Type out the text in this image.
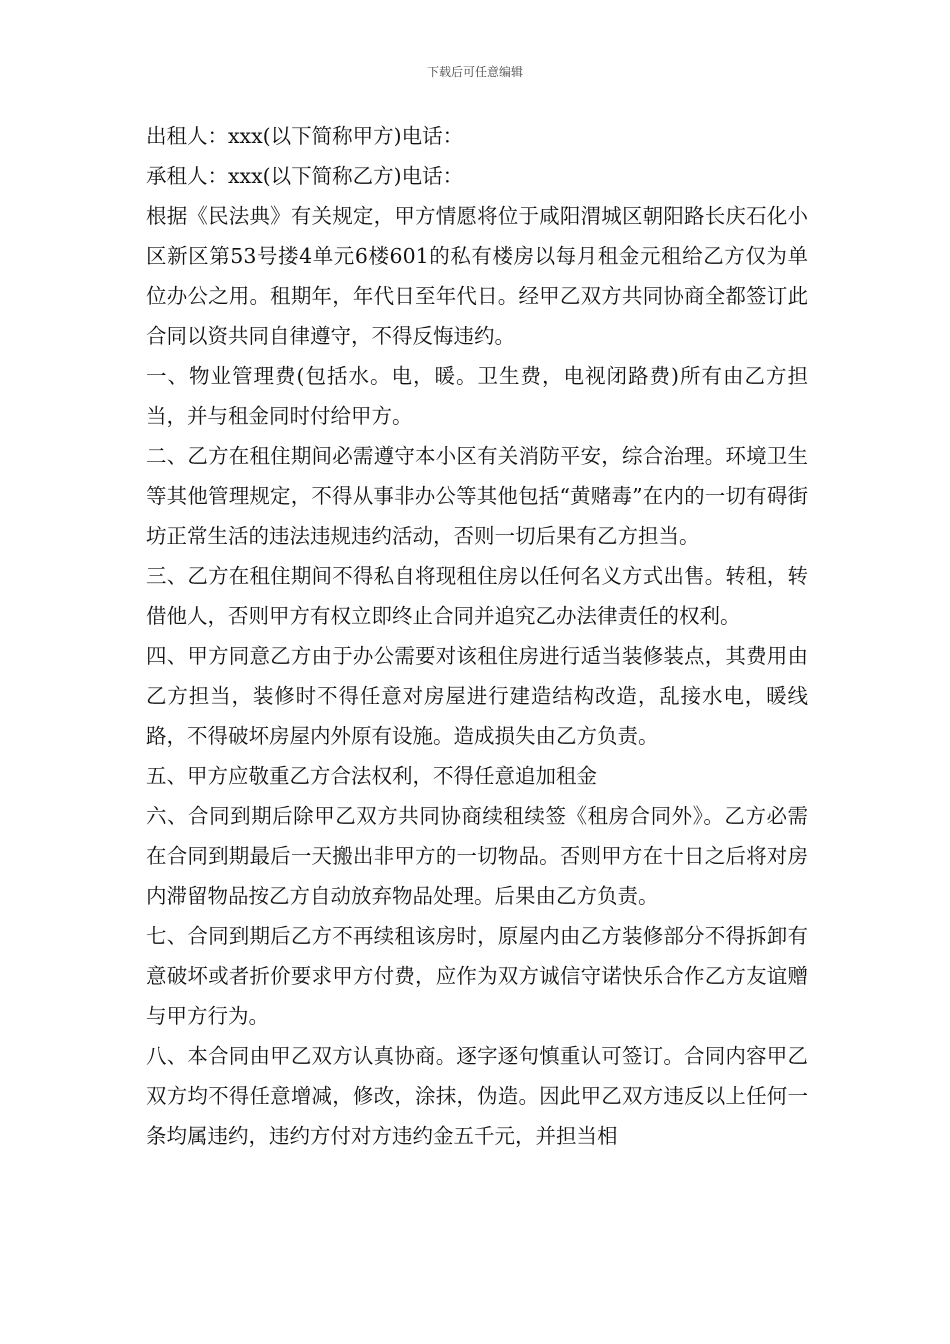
下载后可任意编辑

出租人：xxx(以下简称甲方)电话：

承租人：xxx(以下简称乙方)电话：

根据《民法典》有关规定，甲方情愿将位于咸阳渭城区朝阳路长庆石化小区新区第53号搂4单元6楼601的私有楼房以每月租金元租给乙方仅为单位办公之用。租期年，年代日至年代日。经甲乙双方共同协商全都签订此合同以资共同自律遵守，不得反悔违约。

一、物业管理费(包括水。电，暖。卫生费，电视闭路费)所有由乙方担当，并与租金同时付给甲方。

二、乙方在租住期间必需遵守本小区有关消防平安，综合治理。环境卫生等其他管理规定，不得从事非办公等其他包括“黄赌毒”在内的一切有碍街坊正常生活的违法违规违约活动，否则一切后果有乙方担当。

三、乙方在租住期间不得私自将现租住房以任何名义方式出售。转租，转借他人，否则甲方有权立即终止合同并追究乙办法律责任的权利。

四、甲方同意乙方由于办公需要对该租住房进行适当装修装点，其费用由乙方担当，装修时不得任意对房屋进行建造结构改造，乱接水电，暖线路，不得破坏房屋内外原有设施。造成损失由乙方负责。

五、甲方应敬重乙方合法权利，不得任意追加租金

六、合同到期后除甲乙双方共同协商续租续签《租房合同外》。乙方必需在合同到期最后一天搬出非甲方的一切物品。否则甲方在十日之后将对房内滞留物品按乙方自动放弃物品处理。后果由乙方负责。

七、合同到期后乙方不再续租该房时，原屋内由乙方装修部分不得拆卸有意破坏或者折价要求甲方付费，应作为双方诚信守诺快乐合作乙方友谊赠与甲方行为。

八、本合同由甲乙双方认真协商。逐字逐句慎重认可签订。合同内容甲乙双方均不得任意增减，修改，涂抹，伪造。因此甲乙双方违反以上任何一条均属违约，违约方付对方违约金五千元，并担当相
